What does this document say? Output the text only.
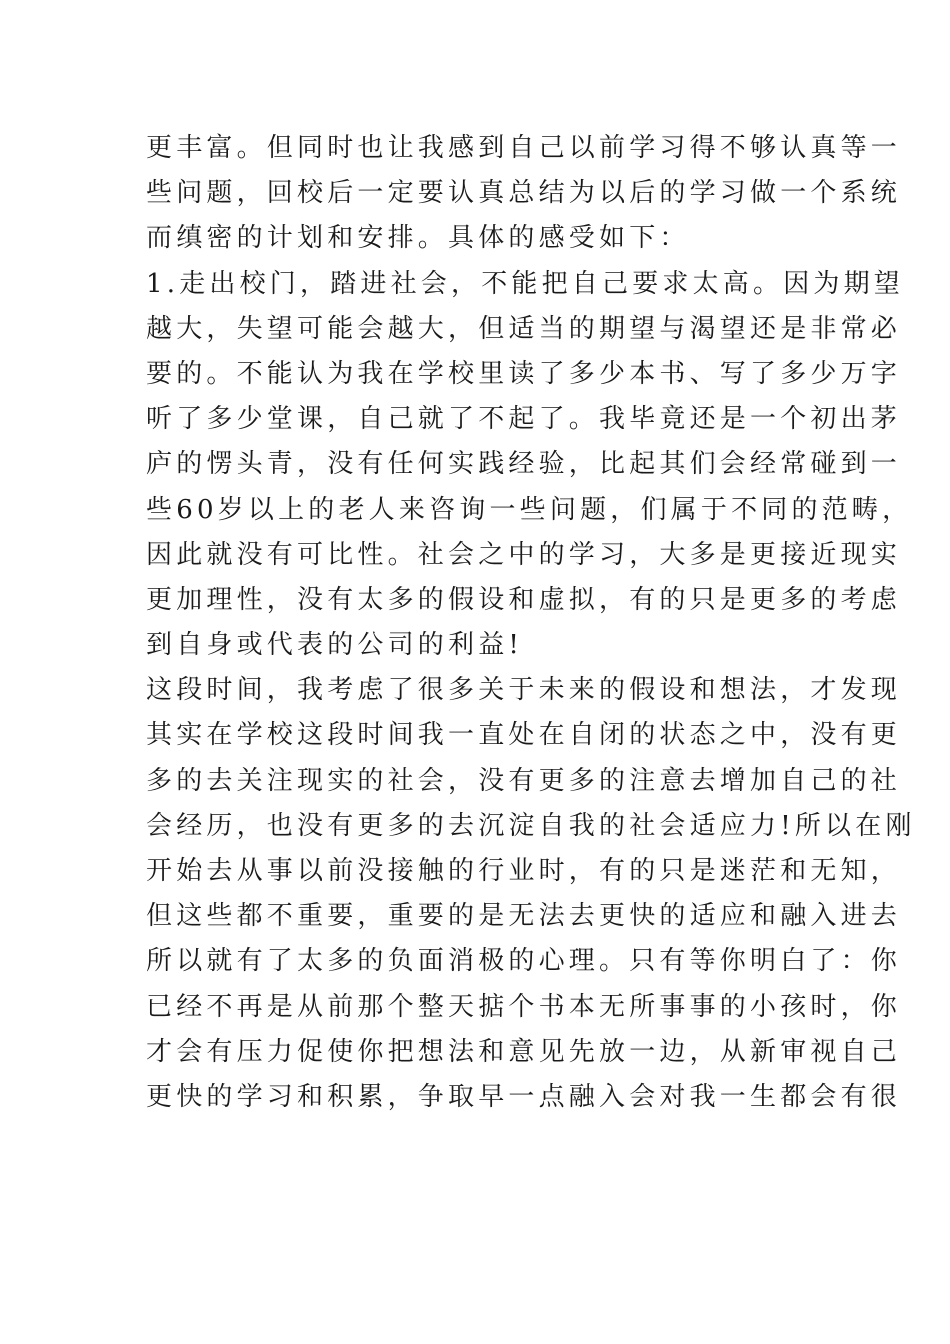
更丰富。但同时也让我感到自己以前学习得不够认真等一
些问题，回校后一定要认真总结为以后的学习做一个系统
而缜密的计划和安排。具体的感受如下：
1.走出校门，踏进社会，不能把自己要求太高。因为期望
越大，失望可能会越大，但适当的期望与渴望还是非常必
要的。不能认为我在学校里读了多少本书、写了多少万字
听了多少堂课，自己就了不起了。我毕竟还是一个初出茅
庐的愣头青，没有任何实践经验，比起其们会经常碰到一
些60岁以上的老人来咨询一些问题，们属于不同的范畴，
因此就没有可比性。社会之中的学习，大多是更接近现实
更加理性，没有太多的假设和虚拟，有的只是更多的考虑
到自身或代表的公司的利益!
这段时间，我考虑了很多关于未来的假设和想法，才发现
其实在学校这段时间我一直处在自闭的状态之中，没有更
多的去关注现实的社会，没有更多的注意去增加自己的社
会经历，也没有更多的去沉淀自我的社会适应力!所以在刚
开始去从事以前没接触的行业时，有的只是迷茫和无知，
但这些都不重要，重要的是无法去更快的适应和融入进去
所以就有了太多的负面消极的心理。只有等你明白了：你
已经不再是从前那个整天掂个书本无所事事的小孩时，你
才会有压力促使你把想法和意见先放一边，从新审视自己
更快的学习和积累，争取早一点融入会对我一生都会有很
